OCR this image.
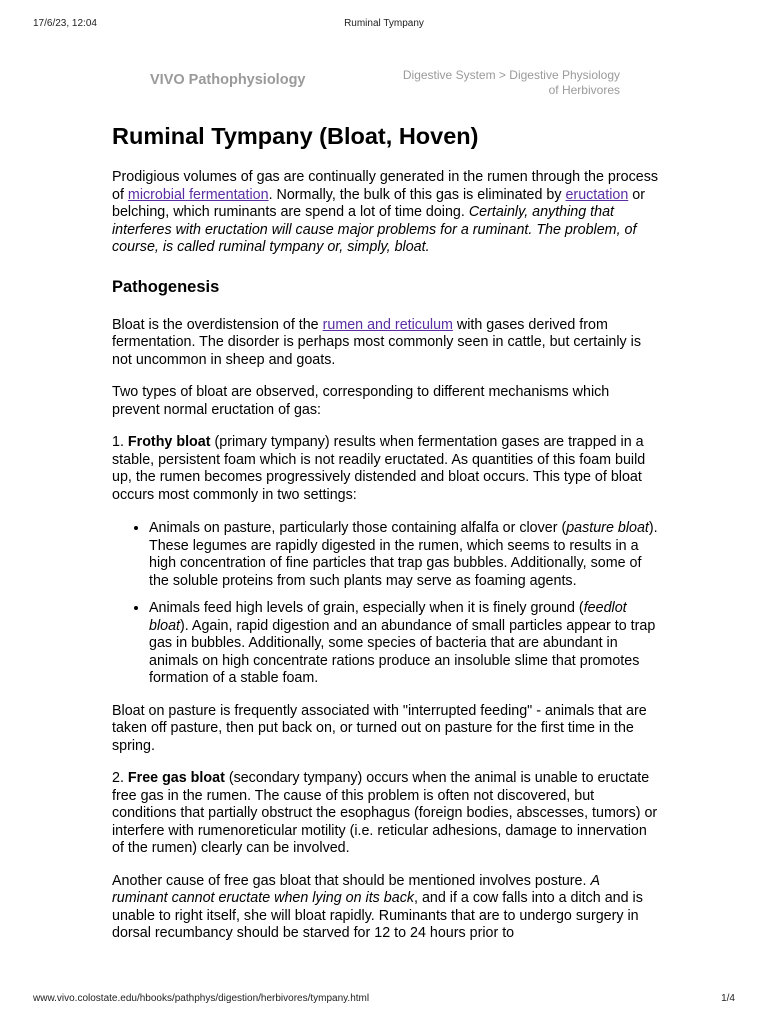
17/6/23, 12:04	Ruminal Tympany
VIVO Pathophysiology	Digestive System > Digestive Physiology
of Herbivores
Ruminal Tympany (Bloat, Hoven)

Prodigious volumes of gas are continually generated in the rumen through the process of microbial fermentation. Normally, the bulk of this gas is eliminated by eructation or belching, which ruminants are spend a lot of time doing. Certainly, anything that interferes with eructation will cause major problems for a ruminant. The problem, of course, is called ruminal tympany or, simply, bloat.

Pathogenesis

Bloat is the overdistension of the rumen and reticulum with gases derived from fermentation. The disorder is perhaps most commonly seen in cattle, but certainly is not uncommon in sheep and goats.

Two types of bloat are observed, corresponding to different mechanisms which prevent normal eructation of gas:

1. Frothy bloat (primary tympany) results when fermentation gases are trapped in a stable, persistent foam which is not readily eructated. As quantities of this foam build up, the rumen becomes progressively distended and bloat occurs. This type of bloat occurs most commonly in two settings:

• Animals on pasture, particularly those containing alfalfa or clover (pasture bloat). These legumes are rapidly digested in the rumen, which seems to results in a high concentration of fine particles that trap gas bubbles. Additionally, some of the soluble proteins from such plants may serve as foaming agents.
• Animals feed high levels of grain, especially when it is finely ground (feedlot bloat). Again, rapid digestion and an abundance of small particles appear to trap gas in bubbles. Additionally, some species of bacteria that are abundant in animals on high concentrate rations produce an insoluble slime that promotes formation of a stable foam.

Bloat on pasture is frequently associated with "interrupted feeding" - animals that are taken off pasture, then put back on, or turned out on pasture for the first time in the spring.

2. Free gas bloat (secondary tympany) occurs when the animal is unable to eructate free gas in the rumen. The cause of this problem is often not discovered, but conditions that partially obstruct the esophagus (foreign bodies, abscesses, tumors) or interfere with rumenoreticular motility (i.e. reticular adhesions, damage to innervation of the rumen) clearly can be involved.

Another cause of free gas bloat that should be mentioned involves posture. A ruminant cannot eructate when lying on its back, and if a cow falls into a ditch and is unable to right itself, she will bloat rapidly. Ruminants that are to undergo surgery in dorsal recumbancy should be starved for 12 to 24 hours prior to

www.vivo.colostate.edu/hbooks/pathphys/digestion/herbivores/tympany.html	1/4
